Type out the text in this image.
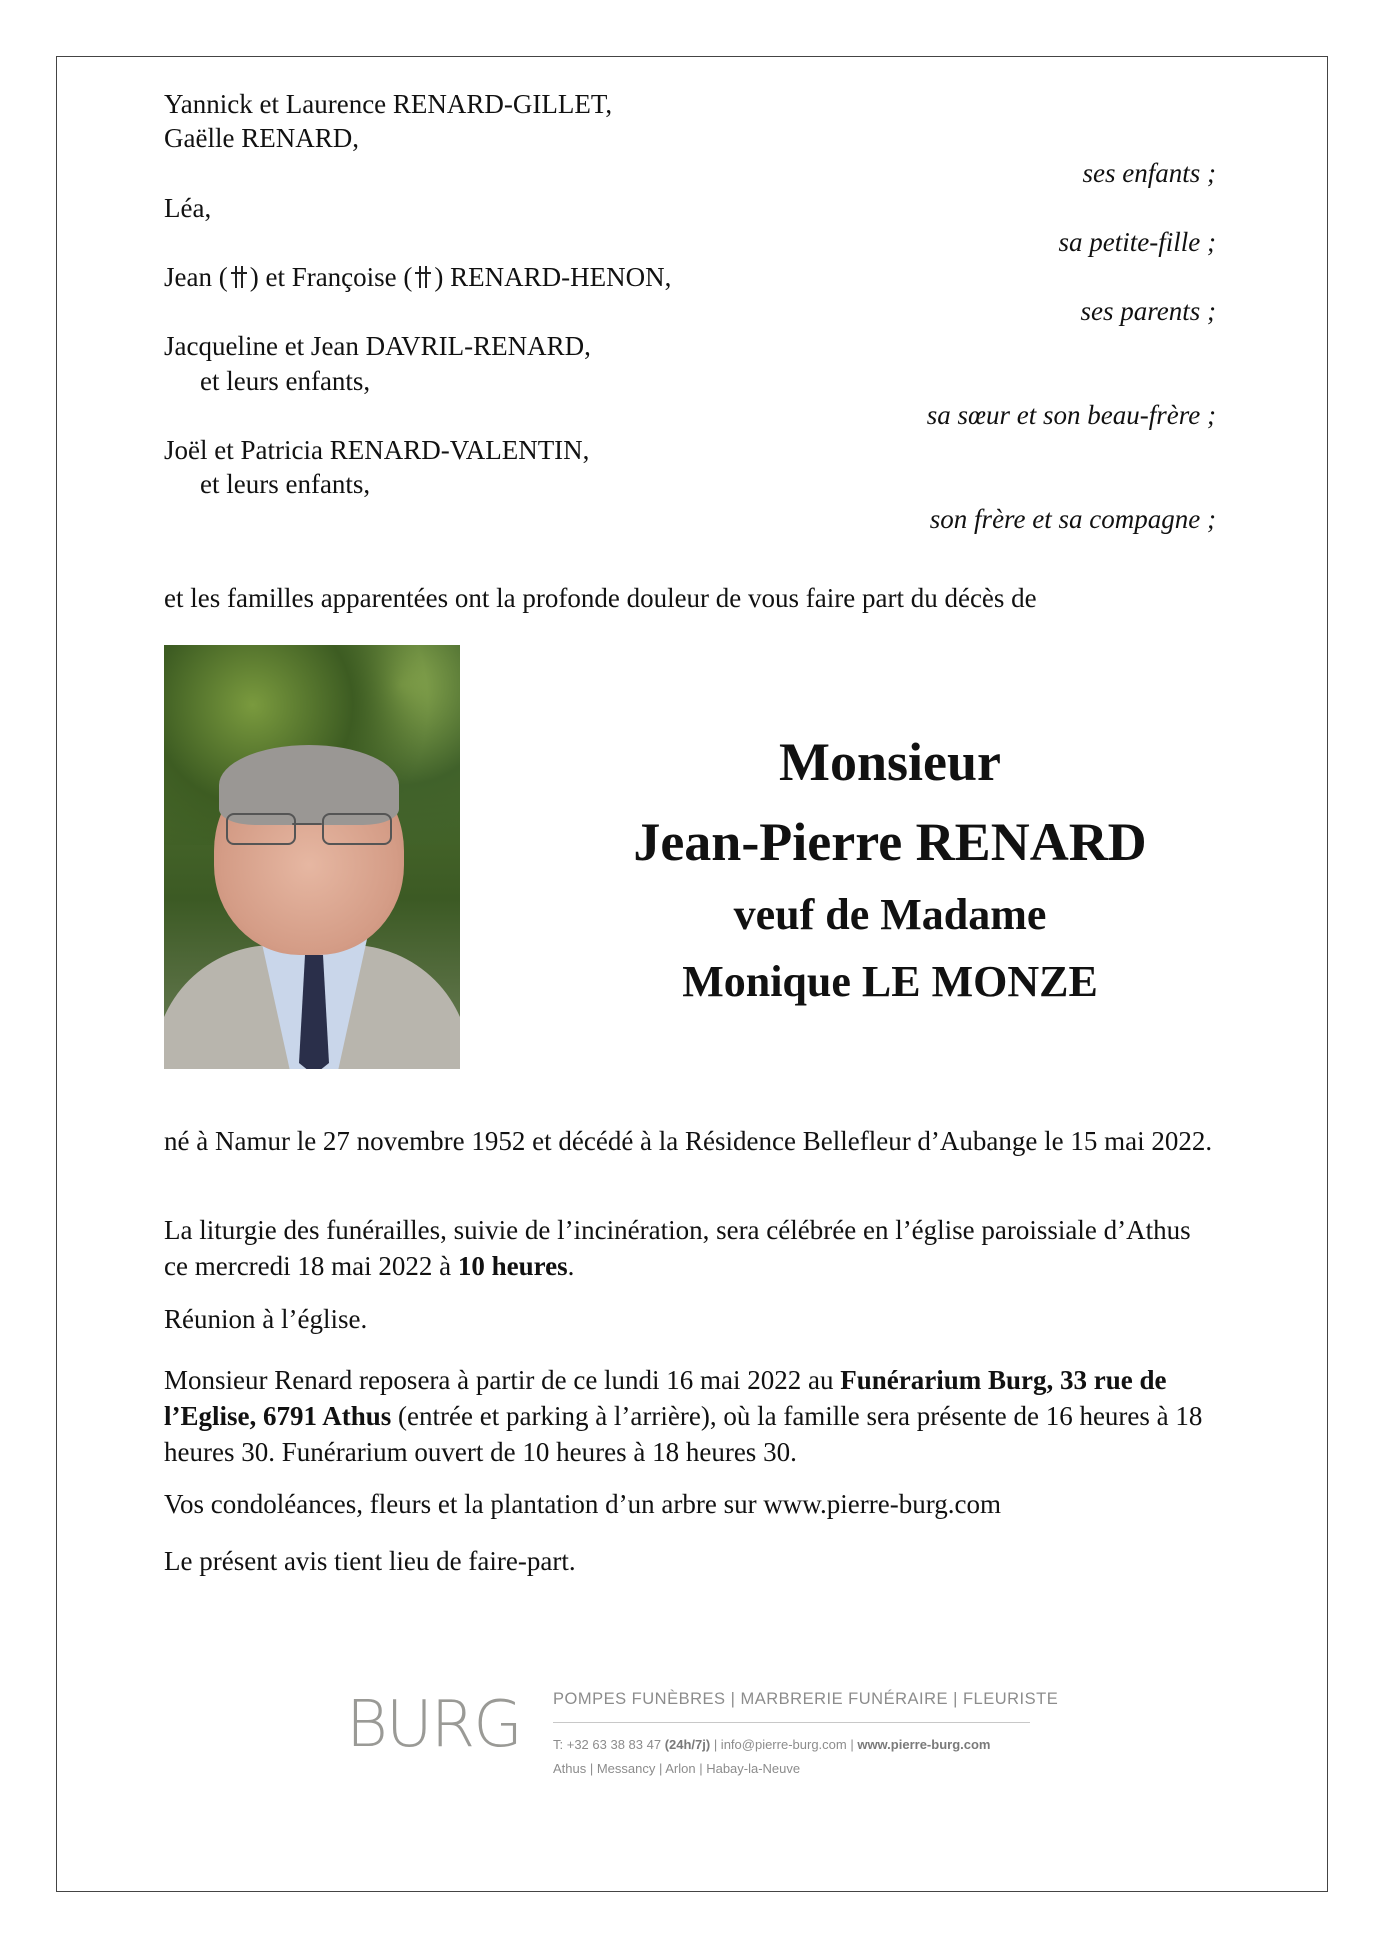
Yannick et Laurence RENARD-GILLET,
Gaëlle RENARD,
ses enfants ;
Léa,
sa petite-fille ;
Jean ( ) et Françoise ( ) RENARD-HENON,
ses parents ;
Jacqueline et Jean DAVRIL-RENARD,
et leurs enfants,
sa sœur et son beau-frère ;
Joël et Patricia RENARD-VALENTIN,
et leurs enfants,
son frère et sa compagne ;
et les familles apparentées ont la profonde douleur de vous faire part du décès de
Monsieur
Jean-Pierre RENARD
veuf de Madame
Monique LE MONZE
né à Namur le 27 novembre 1952 et décédé à la Résidence Bellefleur d’Aubange le 15 mai 2022.
La liturgie des funérailles, suivie de l’incinération, sera célébrée en l’église paroissiale d’Athus ce mercredi 18 mai 2022 à 10 heures.
Réunion à l’église.
Monsieur Renard reposera à partir de ce lundi 16 mai 2022 au Funérarium Burg, 33 rue de l’Eglise, 6791 Athus (entrée et parking à l’arrière), où la famille sera présente de 16 heures à 18 heures 30. Funérarium ouvert de 10 heures à 18 heures 30.
Vos condoléances, fleurs et la plantation d’un arbre sur www.pierre-burg.com
Le présent avis tient lieu de faire-part.
BURG POMPES FUNÈBRES | MARBRERIE FUNÉRAIRE | FLEURISTE
T: +32 63 38 83 47 (24h/7j) | info@pierre-burg.com | www.pierre-burg.com
Athus | Messancy | Arlon | Habay-la-Neuve
